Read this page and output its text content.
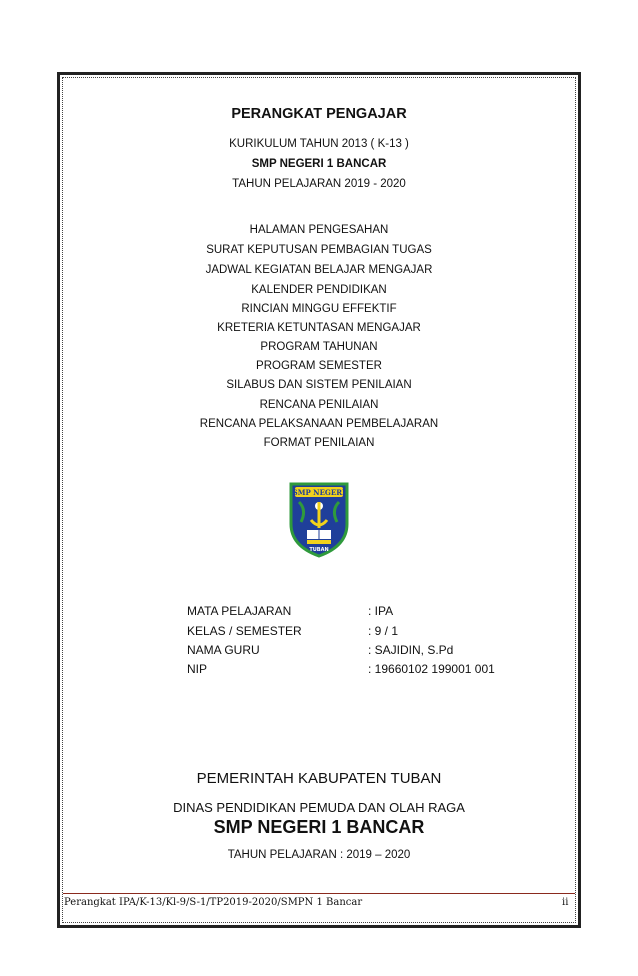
PERANGKAT PENGAJAR
KURIKULUM TAHUN 2013 ( K-13 )
SMP NEGERI 1 BANCAR
TAHUN PELAJARAN 2019 - 2020
HALAMAN PENGESAHAN
SURAT KEPUTUSAN PEMBAGIAN TUGAS
JADWAL KEGIATAN BELAJAR MENGAJAR
KALENDER PENDIDIKAN
RINCIAN MINGGU EFFEKTIF
KRETERIA KETUNTASAN MENGAJAR
PROGRAM TAHUNAN
PROGRAM SEMESTER
SILABUS DAN SISTEM PENILAIAN
RENCANA PENILAIAN
RENCANA PELAKSANAAN PEMBELAJARAN
FORMAT PENILAIAN
SMP NEGERI
TUBAN
MATA PELAJARAN	: IPA
KELAS / SEMESTER	: 9 / 1
NAMA GURU	: SAJIDIN, S.Pd
NIP	: 19660102 199001 001
PEMERINTAH KABUPATEN TUBAN
DINAS PENDIDIKAN PEMUDA DAN OLAH RAGA
SMP NEGERI 1 BANCAR
TAHUN PELAJARAN : 2019 – 2020
Perangkat IPA/K-13/Kl-9/S-1/TP2019-2020/SMPN 1 Bancar	ii
